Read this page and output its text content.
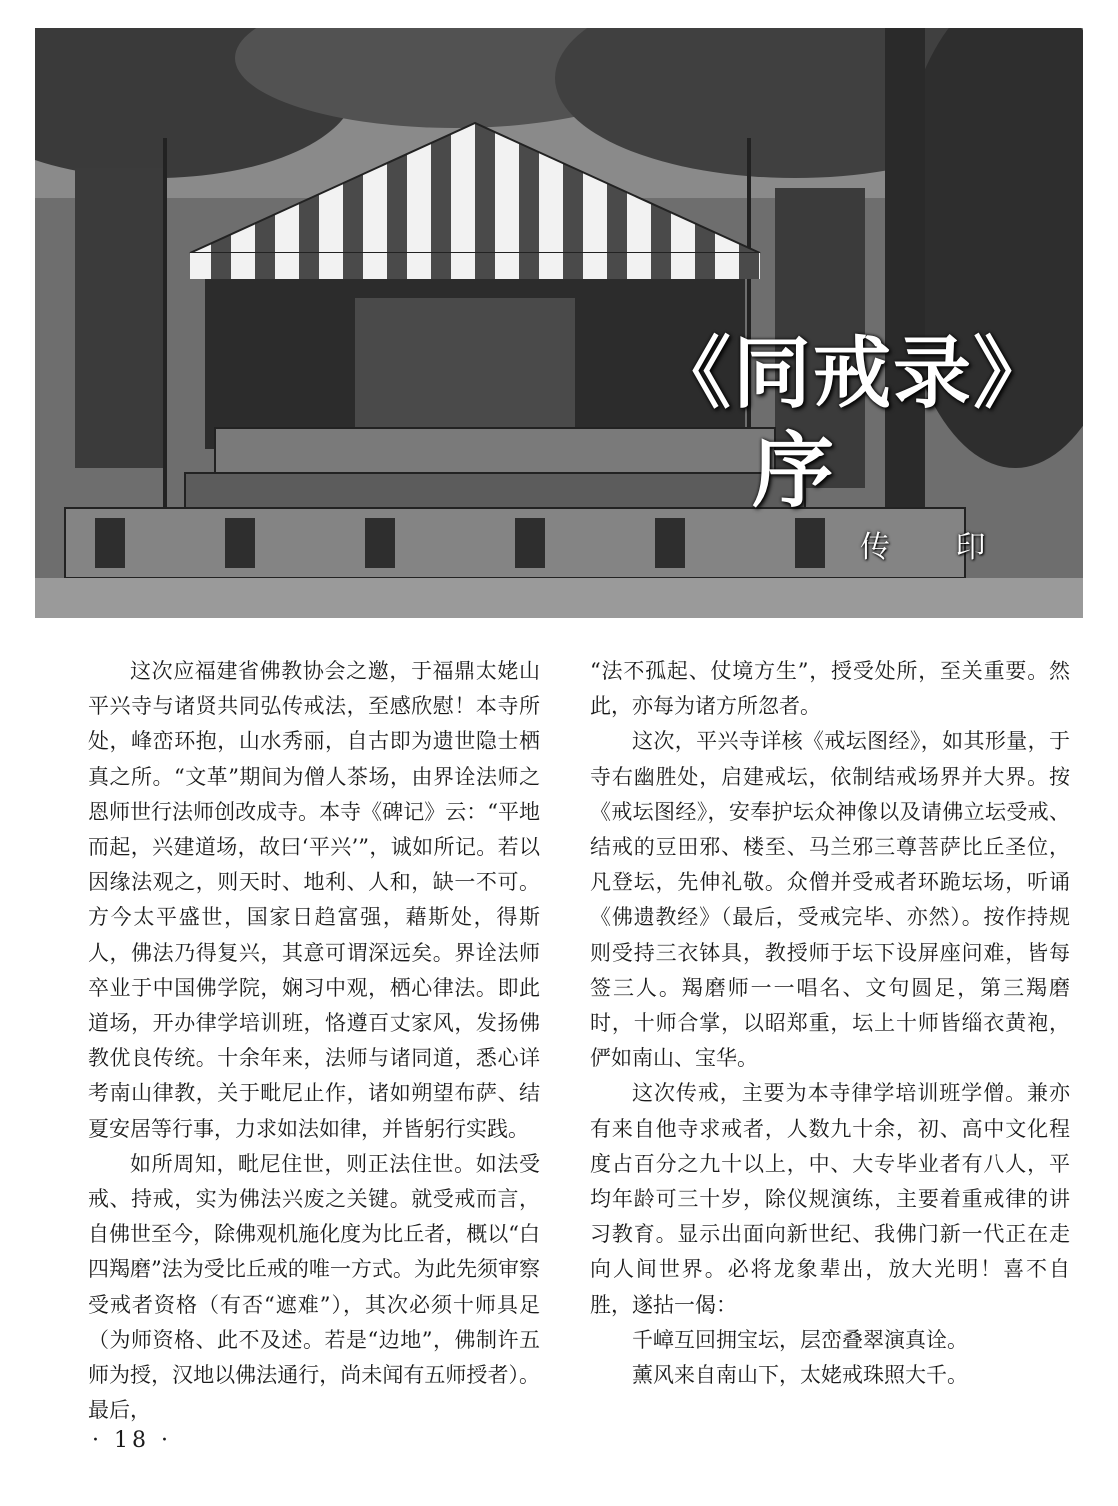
《同戒录》
序
传 印

这次应福建省佛教协会之邀，于福鼎太姥山平兴寺与诸贤共同弘传戒法，至感欣慰！本寺所处，峰峦环抱，山水秀丽，自古即为遗世隐士栖真之所。“文革”期间为僧人茶场，由界诠法师之恩师世行法师创改成寺。本寺《碑记》云：“平地而起，兴建道场，故曰‘平兴’”，诚如所记。若以因缘法观之，则天时、地利、人和，缺一不可。方今太平盛世，国家日趋富强，藉斯处，得斯人，佛法乃得复兴，其意可谓深远矣。界诠法师卒业于中国佛学院，娴习中观，栖心律法。即此道场，开办律学培训班，恪遵百丈家风，发扬佛教优良传统。十余年来，法师与诸同道，悉心详考南山律教，关于毗尼止作，诸如朔望布萨、结夏安居等行事，力求如法如律，并皆躬行实践。

如所周知，毗尼住世，则正法住世。如法受戒、持戒，实为佛法兴废之关键。就受戒而言，自佛世至今，除佛观机施化度为比丘者，概以“白四羯磨”法为受比丘戒的唯一方式。为此先须审察受戒者资格（有否“遮难”），其次必须十师具足（为师资格、此不及述。若是“边地”，佛制许五师为授，汉地以佛法通行，尚未闻有五师授者）。最后，

“法不孤起、仗境方生”，授受处所，至关重要。然此，亦每为诸方所忽者。

这次，平兴寺详核《戒坛图经》，如其形量，于寺右幽胜处，启建戒坛，依制结戒场界并大界。按《戒坛图经》，安奉护坛众神像以及请佛立坛受戒、结戒的豆田邪、楼至、马兰邪三尊菩萨比丘圣位，凡登坛，先伸礼敬。众僧并受戒者环跪坛场，听诵《佛遗教经》（最后，受戒完毕、亦然）。按作持规则受持三衣钵具，教授师于坛下设屏座问难，皆每签三人。羯磨师一一唱名、文句圆足，第三羯磨时，十师合掌，以昭郑重，坛上十师皆缁衣黄袍，俨如南山、宝华。

这次传戒，主要为本寺律学培训班学僧。兼亦有来自他寺求戒者，人数九十余，初、高中文化程度占百分之九十以上，中、大专毕业者有八人，平均年龄可三十岁，除仪规演练，主要着重戒律的讲习教育。显示出面向新世纪、我佛门新一代正在走向人间世界。必将龙象辈出，放大光明！喜不自胜，遂拈一偈：

千嶂互回拥宝坛，层峦叠翠演真诠。

薰风来自南山下，太姥戒珠照大千。

· 18 ·
